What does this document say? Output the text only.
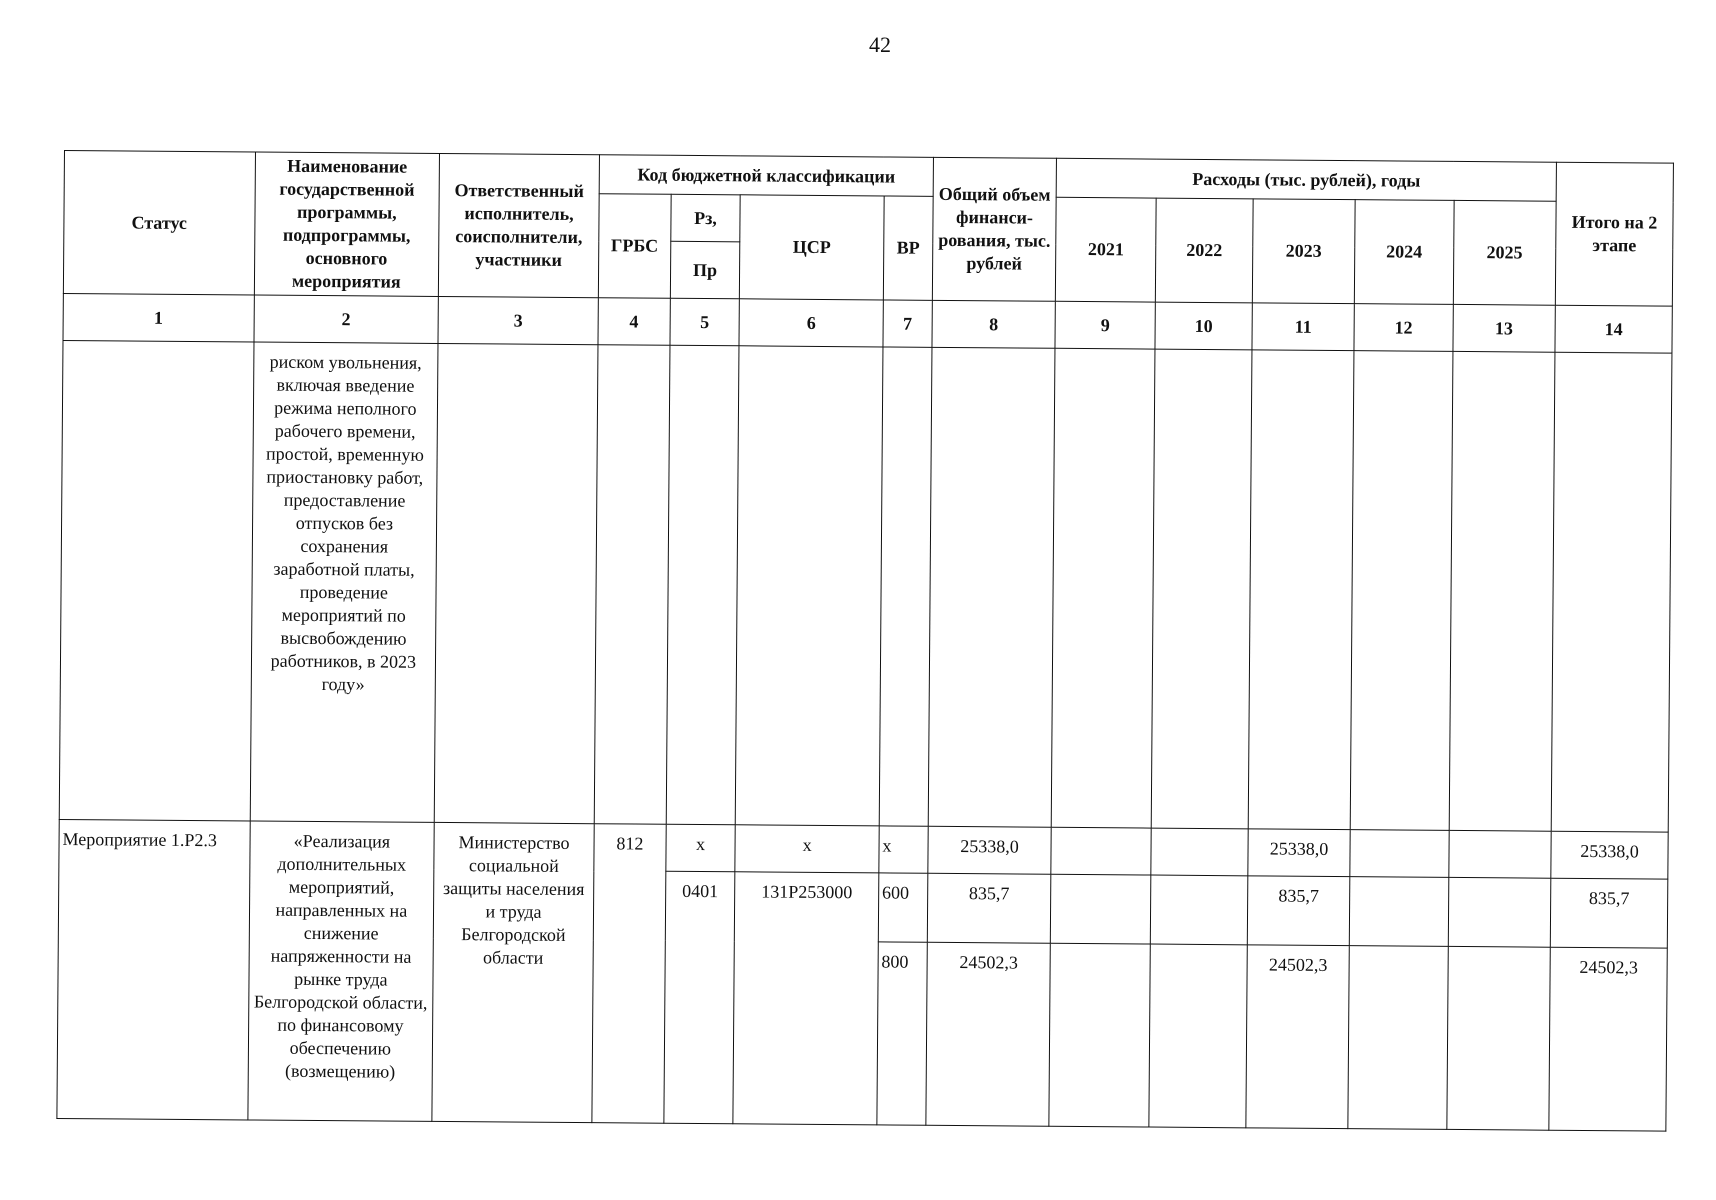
42
Статус	Наименование государственной программы, подпрограммы, основного мероприятия	Ответственный исполнитель, соисполнители, участники	Код бюджетной классификации				Общий объем финанси-рования, тыс. рублей	Расходы (тыс. рублей), годы					Итого на 2 этапе
			ГРБС	Рз,	ЦСР	ВР		2021	2022	2023	2024	2025	
				Пр									
1	2	3	4	5	6	7	8	9	10	11	12	13	14
	риском увольнения, включая введение режима неполного рабочего времени, простой, временную приостановку работ, предоставление отпусков без сохранения заработной платы, проведение мероприятий по высвобождению работников, в 2023 году»												
Мероприятие 1.Р2.3	«Реализация дополнительных мероприятий, направленных на снижение напряженности на рынке труда Белгородской области, по финансовому обеспечению (возмещению)	Министерство социальной защиты населения и труда Белгородской области	812	х	х	х	25338,0			25338,0			25338,0
				0401	131Р253000	600	835,7			835,7			835,7
						800	24502,3			24502,3			24502,3
